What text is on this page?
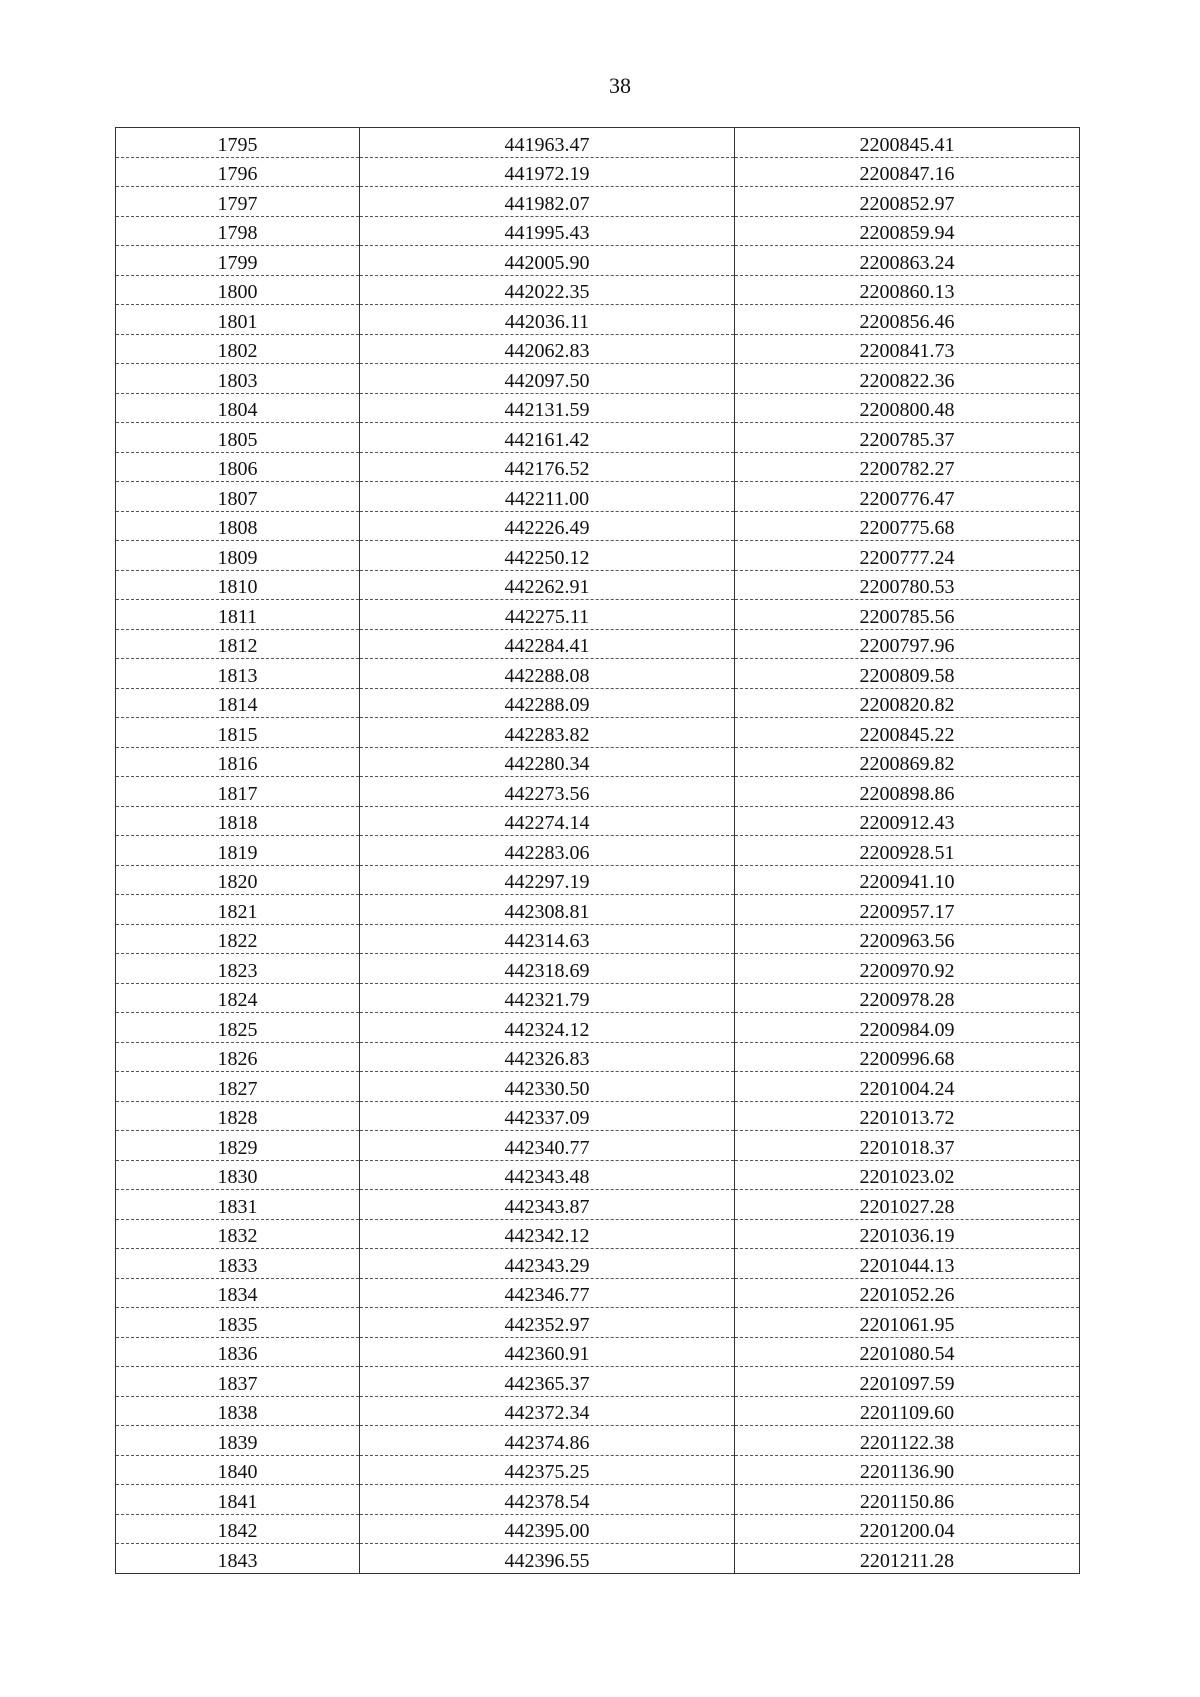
38
1795	441963.47	2200845.41
1796	441972.19	2200847.16
1797	441982.07	2200852.97
1798	441995.43	2200859.94
1799	442005.90	2200863.24
1800	442022.35	2200860.13
1801	442036.11	2200856.46
1802	442062.83	2200841.73
1803	442097.50	2200822.36
1804	442131.59	2200800.48
1805	442161.42	2200785.37
1806	442176.52	2200782.27
1807	442211.00	2200776.47
1808	442226.49	2200775.68
1809	442250.12	2200777.24
1810	442262.91	2200780.53
1811	442275.11	2200785.56
1812	442284.41	2200797.96
1813	442288.08	2200809.58
1814	442288.09	2200820.82
1815	442283.82	2200845.22
1816	442280.34	2200869.82
1817	442273.56	2200898.86
1818	442274.14	2200912.43
1819	442283.06	2200928.51
1820	442297.19	2200941.10
1821	442308.81	2200957.17
1822	442314.63	2200963.56
1823	442318.69	2200970.92
1824	442321.79	2200978.28
1825	442324.12	2200984.09
1826	442326.83	2200996.68
1827	442330.50	2201004.24
1828	442337.09	2201013.72
1829	442340.77	2201018.37
1830	442343.48	2201023.02
1831	442343.87	2201027.28
1832	442342.12	2201036.19
1833	442343.29	2201044.13
1834	442346.77	2201052.26
1835	442352.97	2201061.95
1836	442360.91	2201080.54
1837	442365.37	2201097.59
1838	442372.34	2201109.60
1839	442374.86	2201122.38
1840	442375.25	2201136.90
1841	442378.54	2201150.86
1842	442395.00	2201200.04
1843	442396.55	2201211.28
